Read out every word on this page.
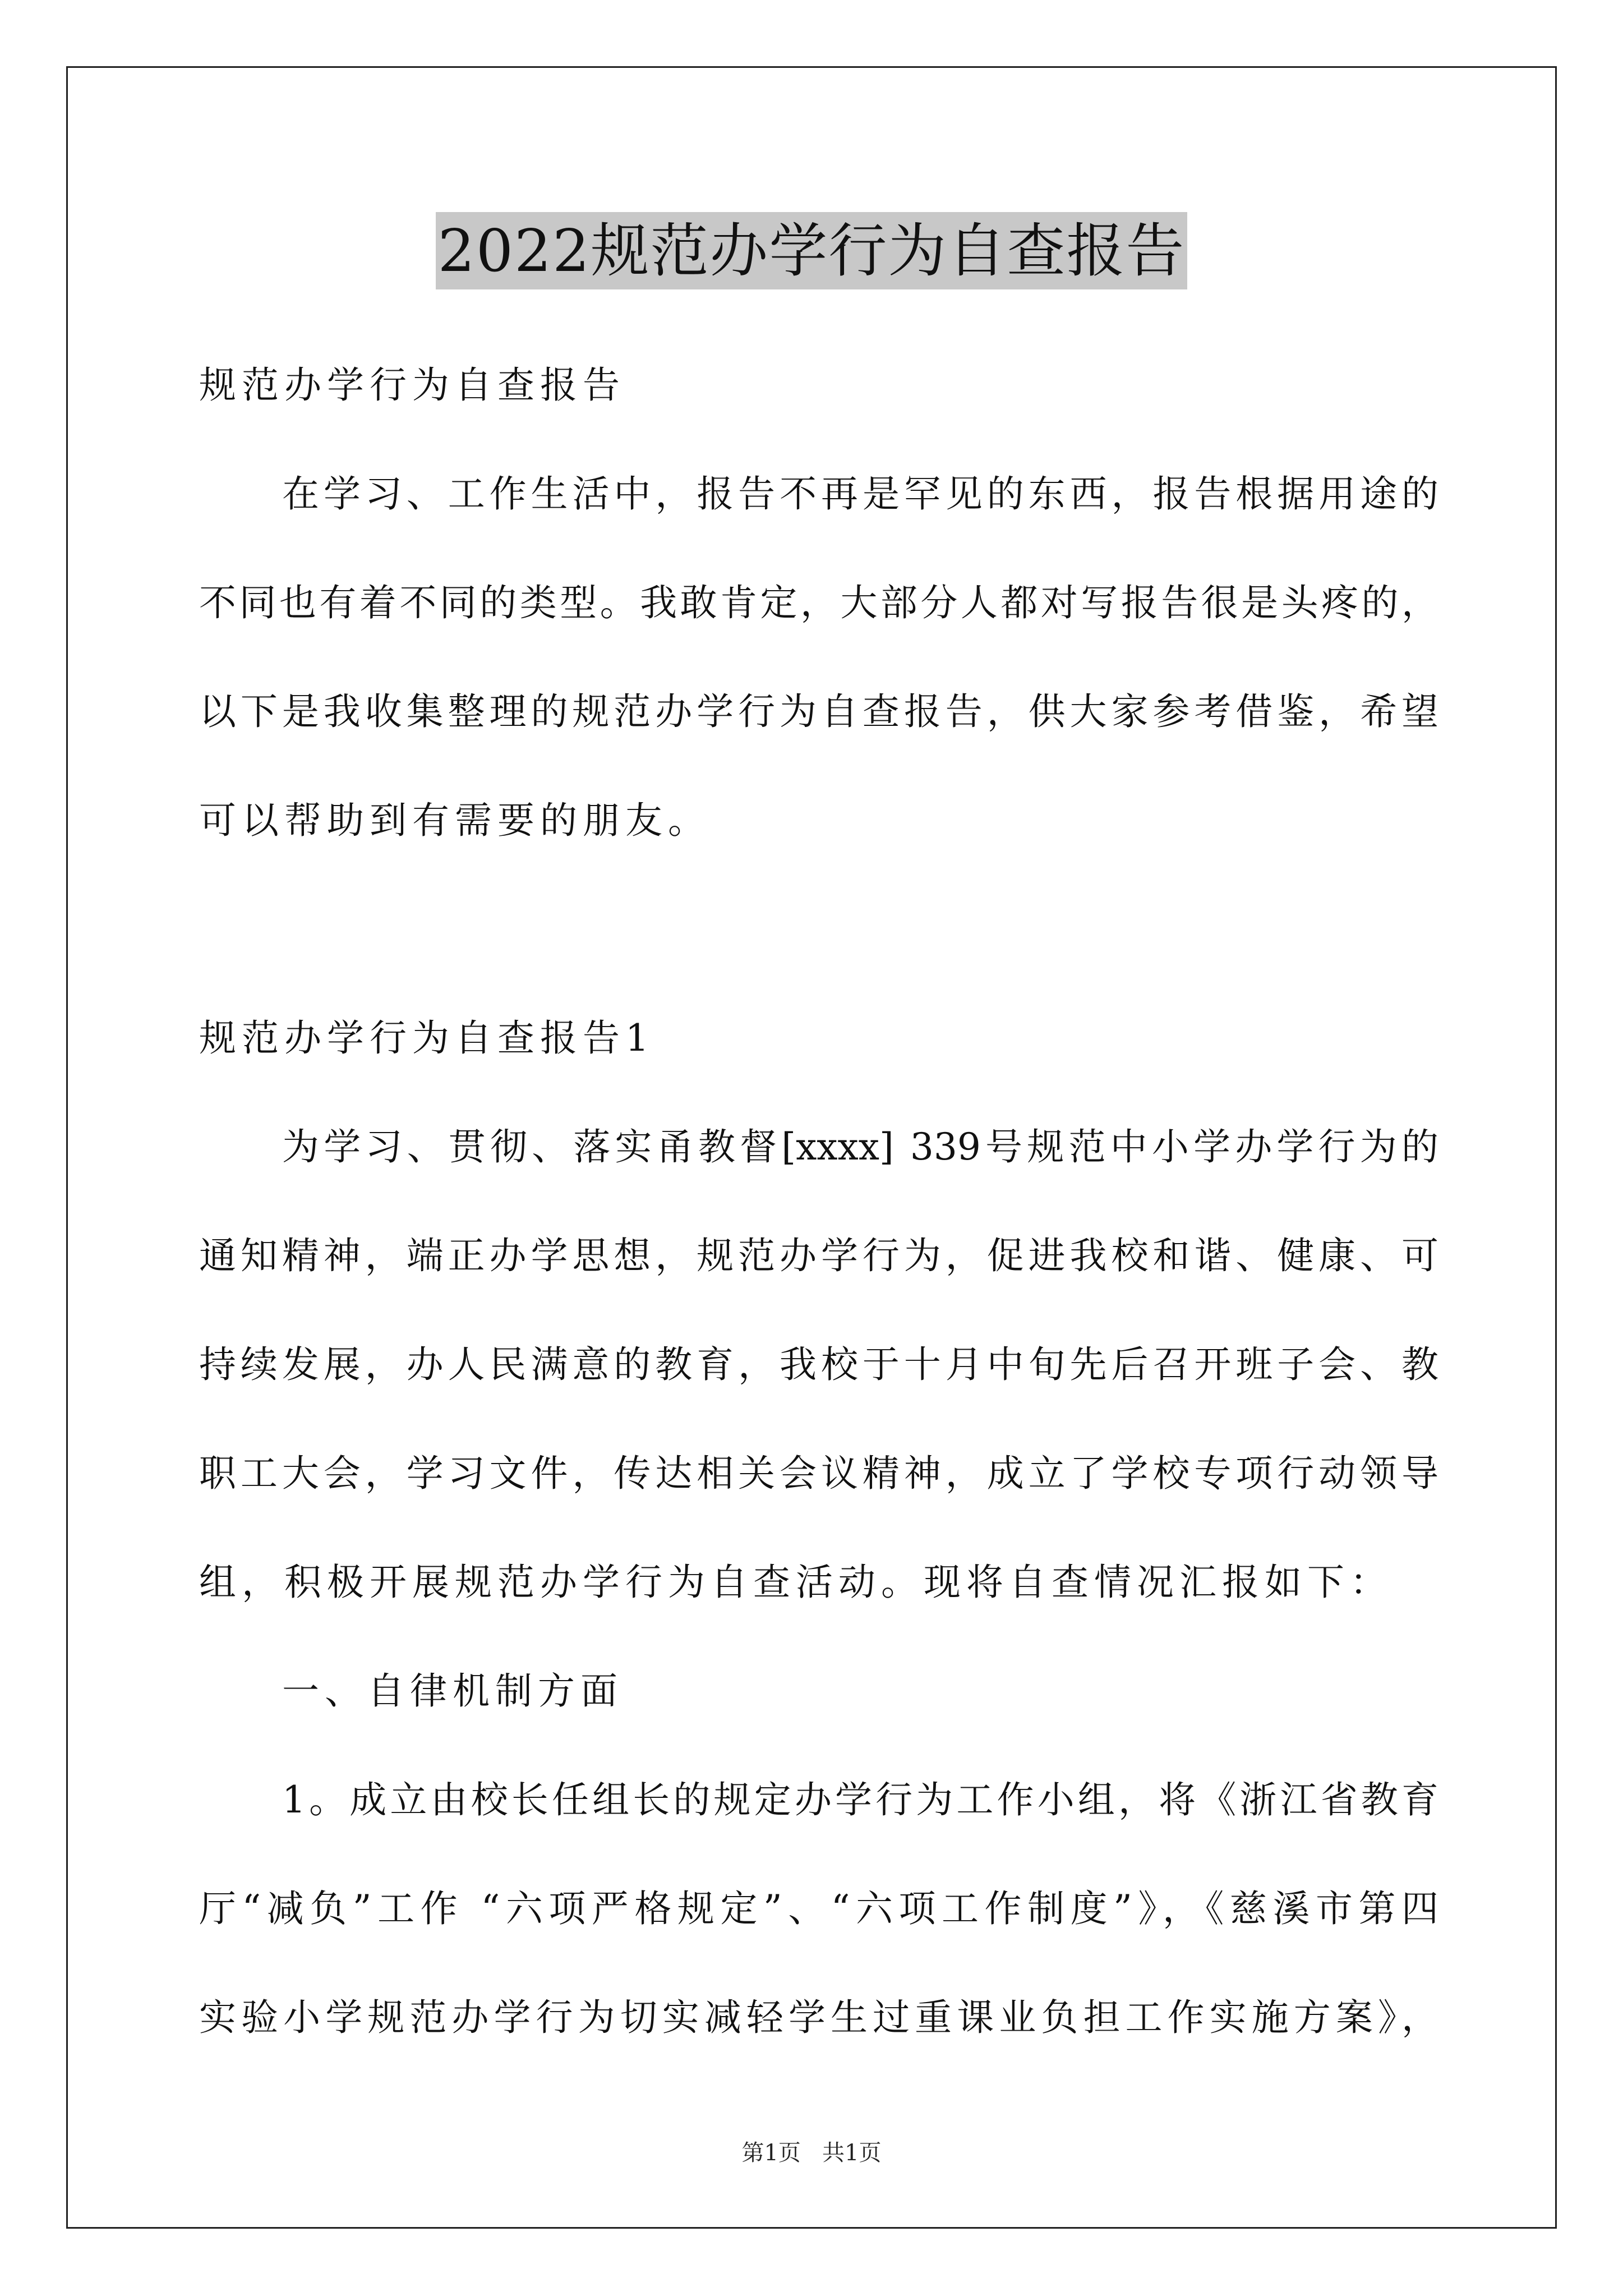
2022规范办学行为自查报告
规范办学行为自查报告
在学习、工作生活中，报告不再是罕见的东西，报告根据用途的
不同也有着不同的类型。我敢肯定，大部分人都对写报告很是头疼的，
以下是我收集整理的规范办学行为自查报告，供大家参考借鉴，希望
可以帮助到有需要的朋友。
规范办学行为自查报告1
为学习、贯彻、落实甬教督[xxxx] 339号规范中小学办学行为的
通知精神，端正办学思想，规范办学行为，促进我校和谐、健康、可
持续发展，办人民满意的教育，我校于十月中旬先后召开班子会、教
职工大会，学习文件，传达相关会议精神，成立了学校专项行动领导
组，积极开展规范办学行为自查活动。现将自查情况汇报如下：
一、自律机制方面
1。成立由校长任组长的规定办学行为工作小组，将《浙江省教育
厅“减负”工作 “六项严格规定”、“六项工作制度”》，《慈溪市第四
实验小学规范办学行为切实减轻学生过重课业负担工作实施方案》，
第1页   共1页
